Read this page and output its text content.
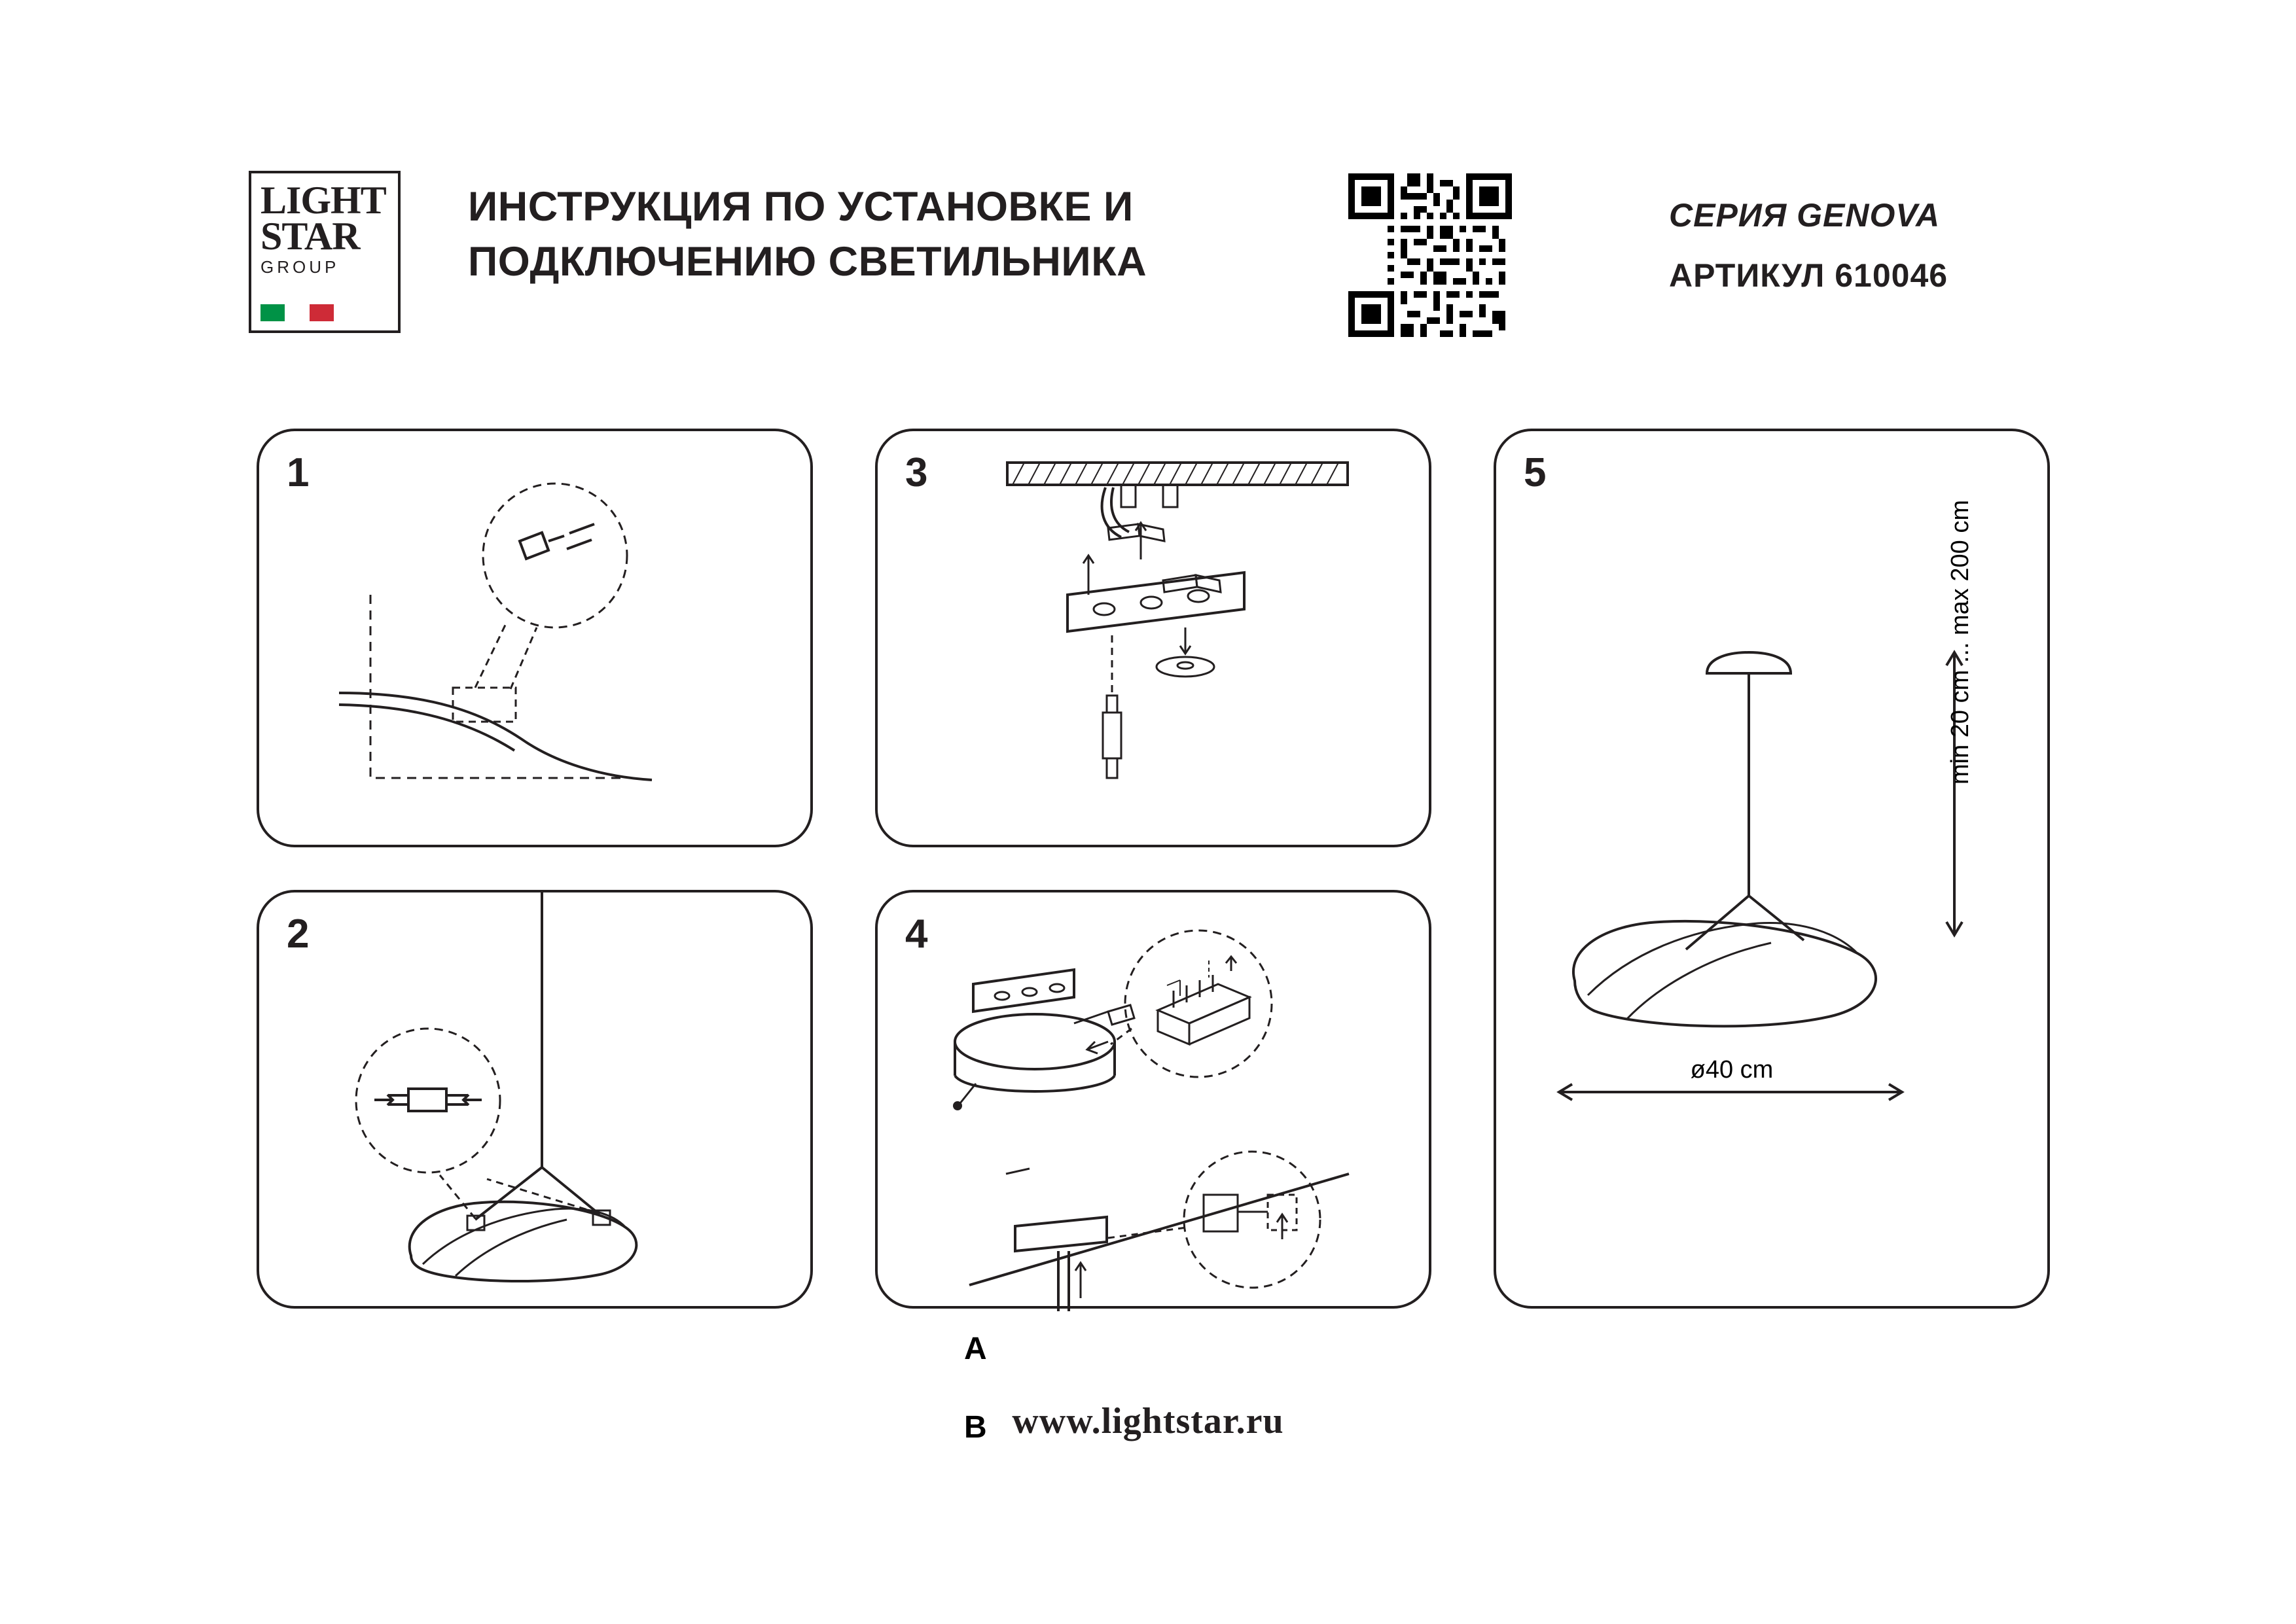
LIGHT
STAR
GROUP
ИНСТРУКЦИЯ ПО УСТАНОВКЕ И ПОДКЛЮЧЕНИЮ СВЕТИЛЬНИКА
СЕРИЯ GENOVA
АРТИКУЛ 610046
1
2
3
4
A
B
5
min 20 cm ... max 200 cm
ø40 cm
www.lightstar.ru
